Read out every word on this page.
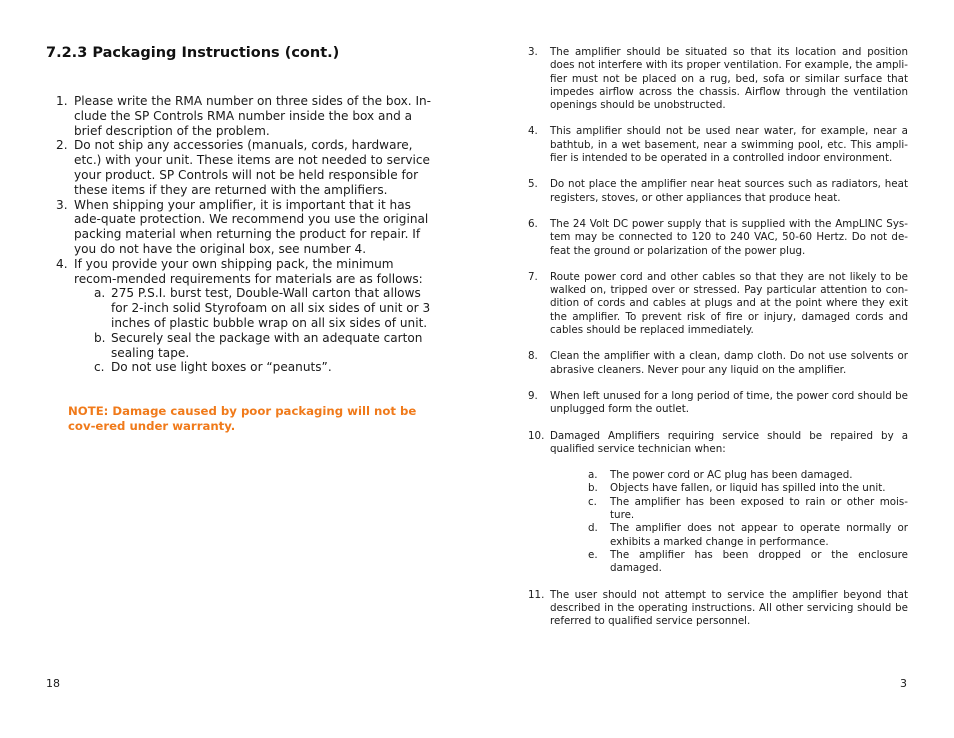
7.2.3 Packaging Instructions (cont.)
1. Please write the RMA number on three sides of the box. In-clude the SP Controls RMA number inside the box and a brief description of the problem.
2. Do not ship any accessories (manuals, cords, hardware, etc.) with your unit. These items are not needed to service your product. SP Controls will not be held responsible for these items if they are returned with the amplifiers.
3. When shipping your amplifier, it is important that it has ade-quate protection. We recommend you use the original packing material when returning the product for repair. If you do not have the original box, see number 4.
4. If you provide your own shipping pack, the minimum recom-mended requirements for materials are as follows:
a. 275 P.S.I. burst test, Double-Wall carton that allows for 2-inch solid Styrofoam on all six sides of unit or 3 inches of plastic bubble wrap on all six sides of unit.
b. Securely seal the package with an adequate carton sealing tape.
c. Do not use light boxes or “peanuts”.

NOTE: Damage caused by poor packaging will not be cov-ered under warranty.

18
3. The amplifier should be situated so that its location and position does not interfere with its proper ventilation. For example, the ampli-fier must not be placed on a rug, bed, sofa or similar surface that impedes airflow across the chassis. Airflow through the ventilation openings should be unobstructed.
4. This amplifier should not be used near water, for example, near a bathtub, in a wet basement, near a swimming pool, etc. This ampli-fier is intended to be operated in a controlled indoor environment.
5. Do not place the amplifier near heat sources such as radiators, heat registers, stoves, or other appliances that produce heat.
6. The 24 Volt DC power supply that is supplied with the AmpLINC Sys-tem may be connected to 120 to 240 VAC, 50-60 Hertz. Do not de-feat the ground or polarization of the power plug.
7. Route power cord and other cables so that they are not likely to be walked on, tripped over or stressed. Pay particular attention to con-dition of cords and cables at plugs and at the point where they exit the amplifier. To prevent risk of fire or injury, damaged cords and cables should be replaced immediately.
8. Clean the amplifier with a clean, damp cloth. Do not use solvents or abrasive cleaners. Never pour any liquid on the amplifier.
9. When left unused for a long period of time, the power cord should be unplugged form the outlet.
10. Damaged Amplifiers requiring service should be repaired by a qualified service technician when:
a. The power cord or AC plug has been damaged.
b. Objects have fallen, or liquid has spilled into the unit.
c. The amplifier has been exposed to rain or other mois-ture.
d. The amplifier does not appear to operate normally or exhibits a marked change in performance.
e. The amplifier has been dropped or the enclosure damaged.
11. The user should not attempt to service the amplifier beyond that described in the operating instructions. All other servicing should be referred to qualified service personnel.
3
